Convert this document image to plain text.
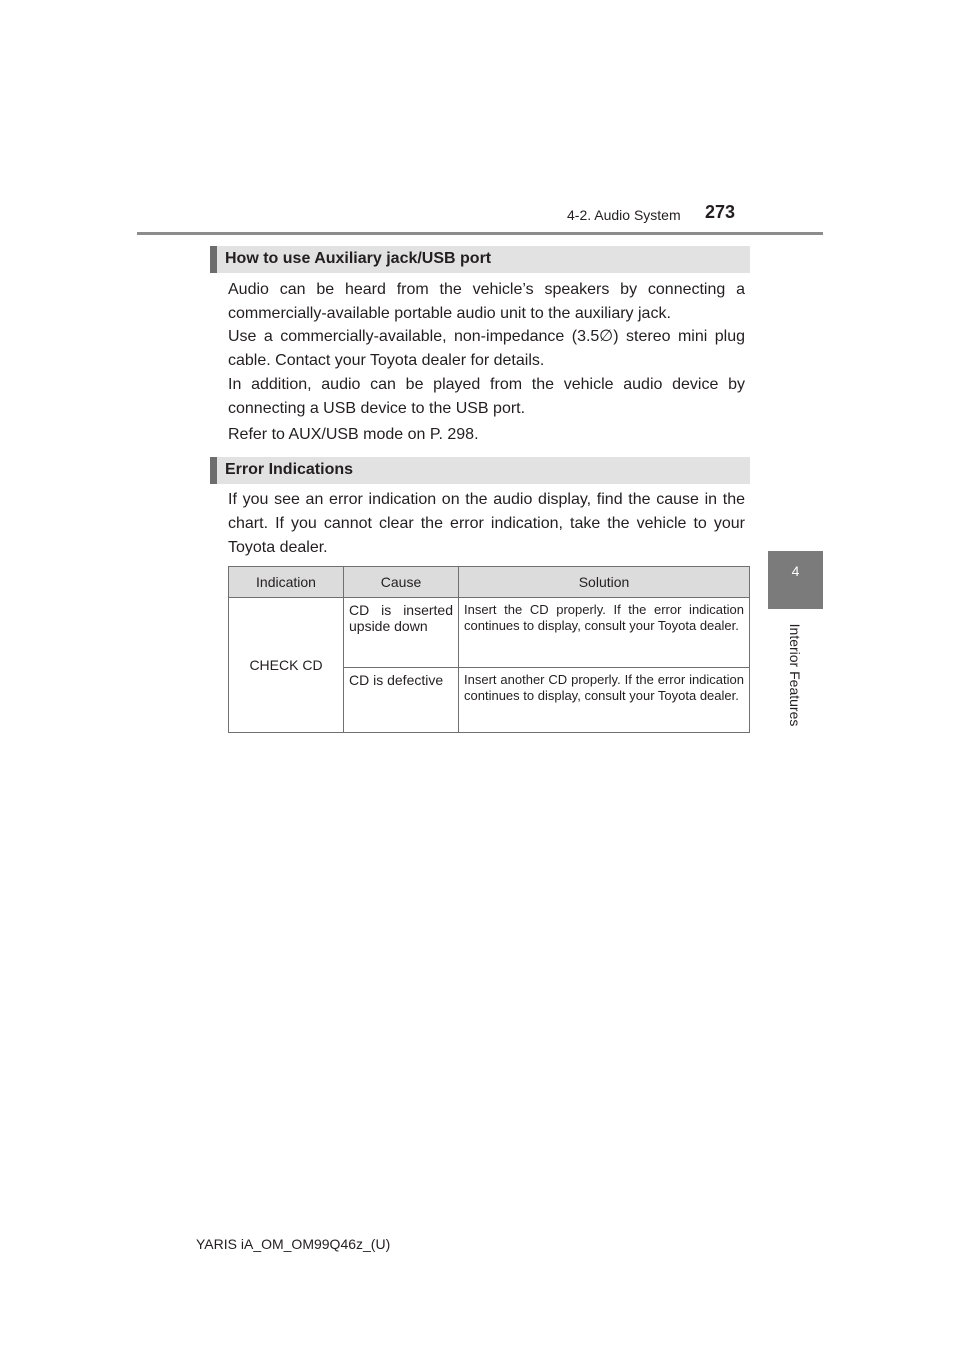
4-2. Audio System 273
4
Interior Features
How to use Auxiliary jack/USB port

Audio can be heard from the vehicle’s speakers by connecting a commercially-available portable audio unit to the auxiliary jack.

Use a commercially-available, non-impedance (3.5∅) stereo mini plug cable. Contact your Toyota dealer for details.

In addition, audio can be played from the vehicle audio device by connecting a USB device to the USB port.

Refer to AUX/USB mode on P. 298.

Error Indications

If you see an error indication on the audio display, find the cause in the chart. If you cannot clear the error indication, take the vehicle to your Toyota dealer.

Indication	Cause	Solution
CHECK CD	CD is inserted upside down	Insert the CD properly. If the error indication continues to display, consult your Toyota dealer.
	CD is defective	Insert another CD properly. If the error indication continues to display, consult your Toyota dealer.
YARIS iA_OM_OM99Q46z_(U)
